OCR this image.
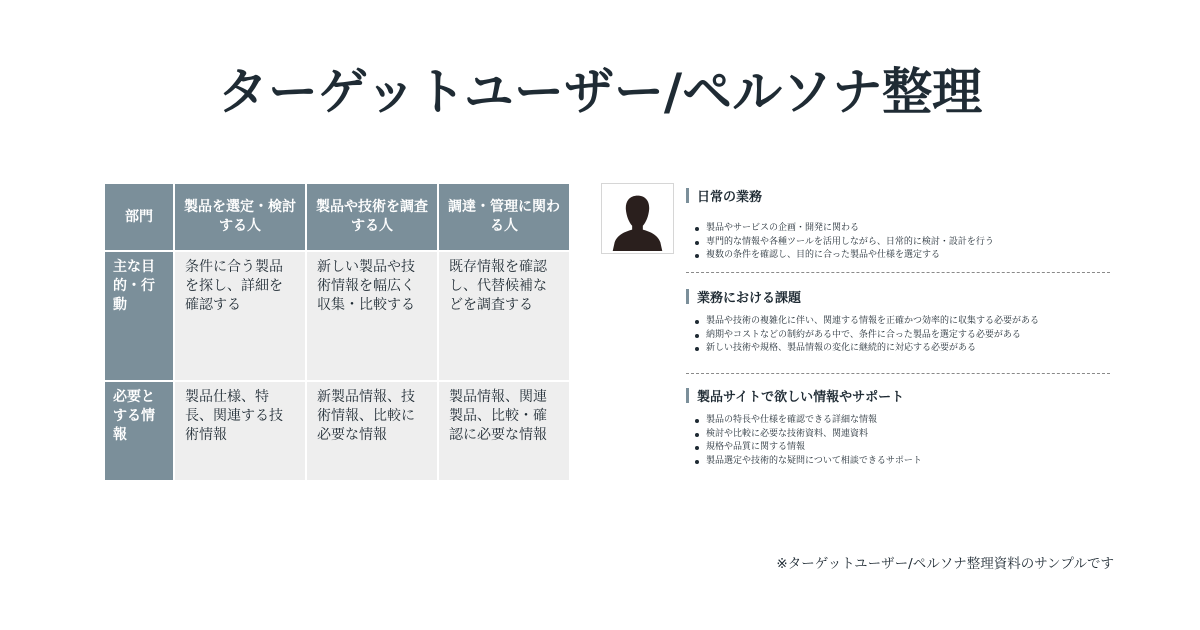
ターゲットユーザー/ペルソナ整理
部門	製品を選定・検討する人	製品や技術を調査する人	調達・管理に関わる人
主な目的・行動	条件に合う製品を探し、詳細を確認する	新しい製品や技術情報を幅広く収集・比較する	既存情報を確認し、代替候補などを調査する
必要とする情報	製品仕様、特長、関連する技術情報	新製品情報、技術情報、比較に必要な情報	製品情報、関連製品、比較・確認に必要な情報
日常の業務
製品やサービスの企画・開発に関わる
専門的な情報や各種ツールを活用しながら、日常的に検討・設計を行う
複数の条件を確認し、目的に合った製品や仕様を選定する
業務における課題
製品や技術の複雑化に伴い、関連する情報を正確かつ効率的に収集する必要がある
納期やコストなどの制約がある中で、条件に合った製品を選定する必要がある
新しい技術や規格、製品情報の変化に継続的に対応する必要がある
製品サイトで欲しい情報やサポート
製品の特長や仕様を確認できる詳細な情報
検討や比較に必要な技術資料、関連資料
規格や品質に関する情報
製品選定や技術的な疑問について相談できるサポート

※ターゲットユーザー/ペルソナ整理資料のサンプルです
